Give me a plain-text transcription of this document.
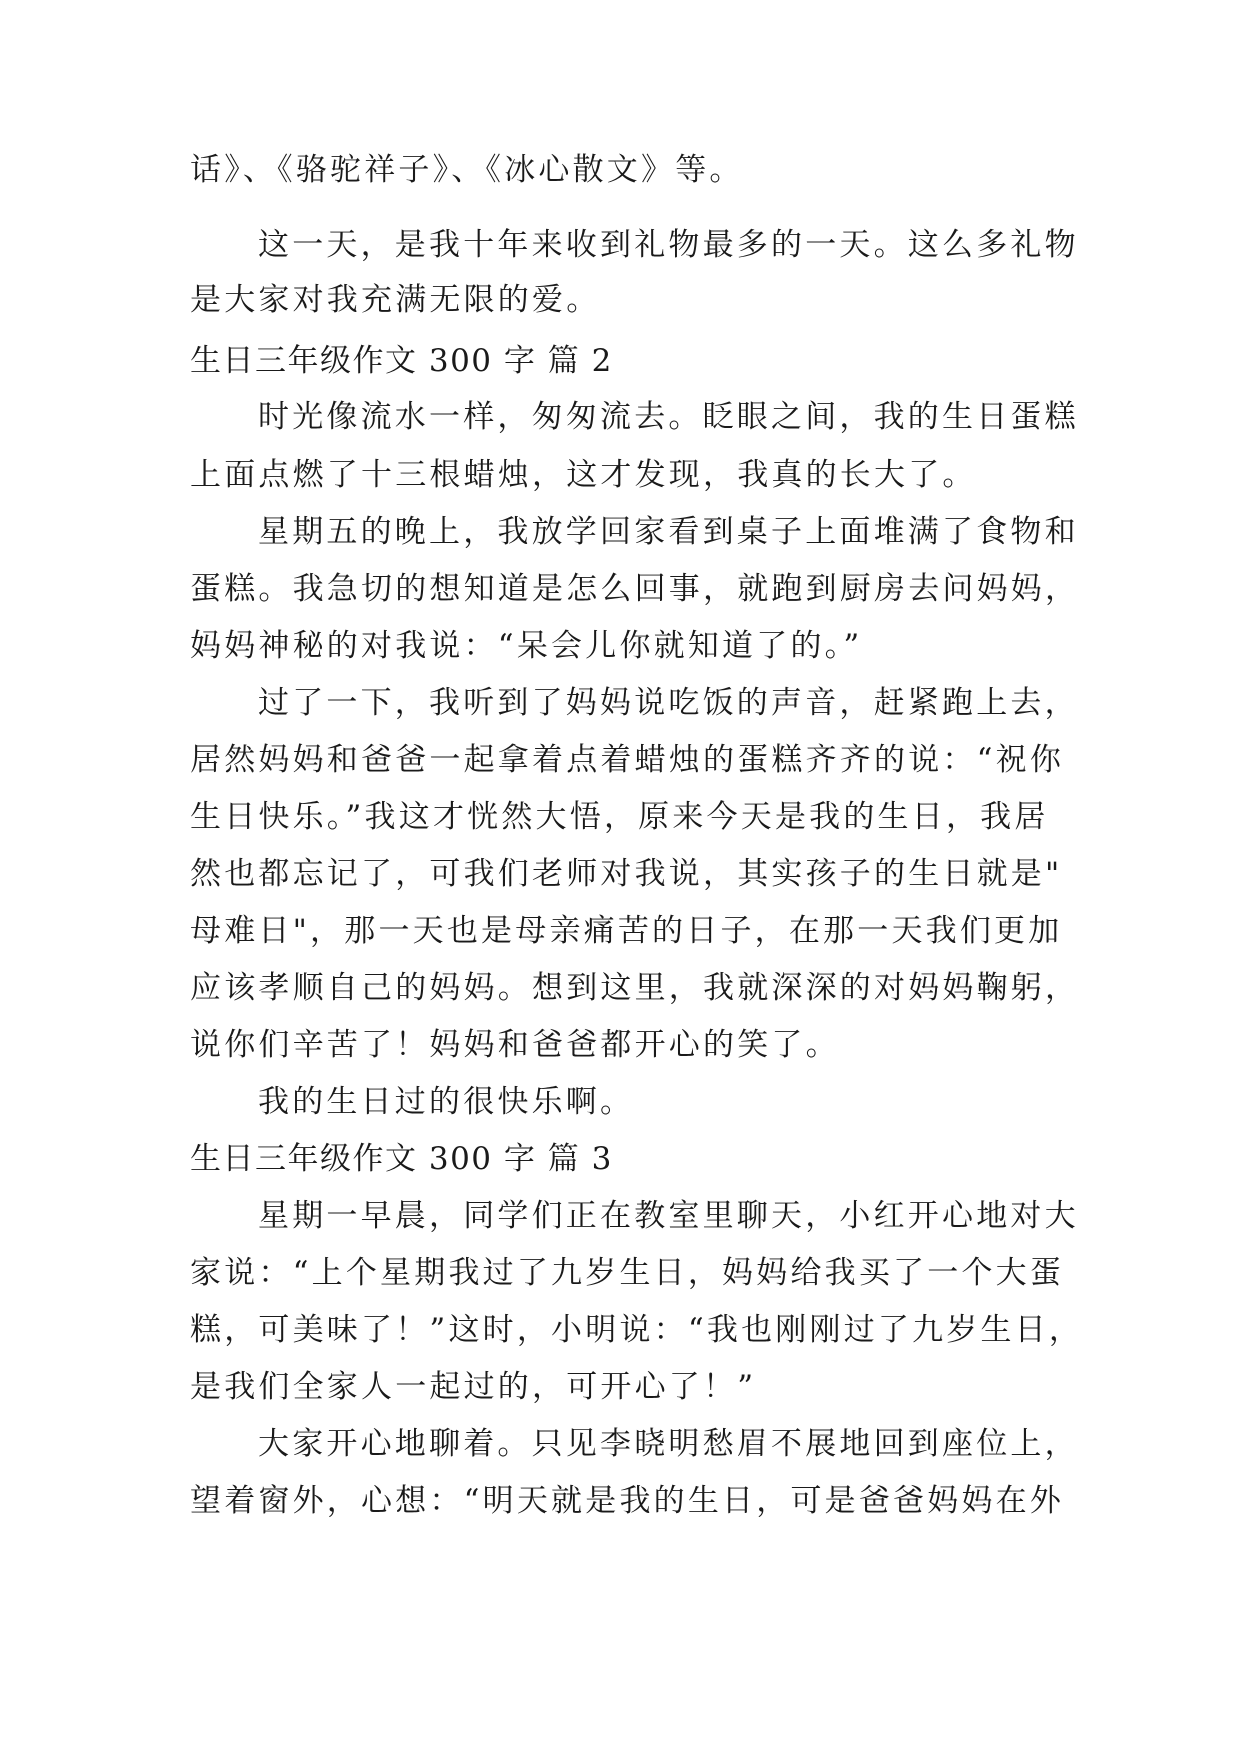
话》、《骆驼祥子》、《冰心散文》等。
这一天，是我十年来收到礼物最多的一天。这么多礼物
是大家对我充满无限的爱。
生日三年级作文 300 字 篇 2
时光像流水一样，匆匆流去。眨眼之间，我的生日蛋糕
上面点燃了十三根蜡烛，这才发现，我真的长大了。
星期五的晚上，我放学回家看到桌子上面堆满了食物和
蛋糕。我急切的想知道是怎么回事，就跑到厨房去问妈妈，
妈妈神秘的对我说：“呆会儿你就知道了的。”
过了一下，我听到了妈妈说吃饭的声音，赶紧跑上去，
居然妈妈和爸爸一起拿着点着蜡烛的蛋糕齐齐的说：“祝你
生日快乐。”我这才恍然大悟，原来今天是我的生日，我居
然也都忘记了，可我们老师对我说，其实孩子的生日就是"
母难日"，那一天也是母亲痛苦的日子，在那一天我们更加
应该孝顺自己的妈妈。想到这里，我就深深的对妈妈鞠躬，
说你们辛苦了！妈妈和爸爸都开心的笑了。
我的生日过的很快乐啊。
生日三年级作文 300 字 篇 3
星期一早晨，同学们正在教室里聊天，小红开心地对大
家说：“上个星期我过了九岁生日，妈妈给我买了一个大蛋
糕，可美味了！”这时，小明说：“我也刚刚过了九岁生日，
是我们全家人一起过的，可开心了！”
大家开心地聊着。只见李晓明愁眉不展地回到座位上，
望着窗外，心想：“明天就是我的生日，可是爸爸妈妈在外
